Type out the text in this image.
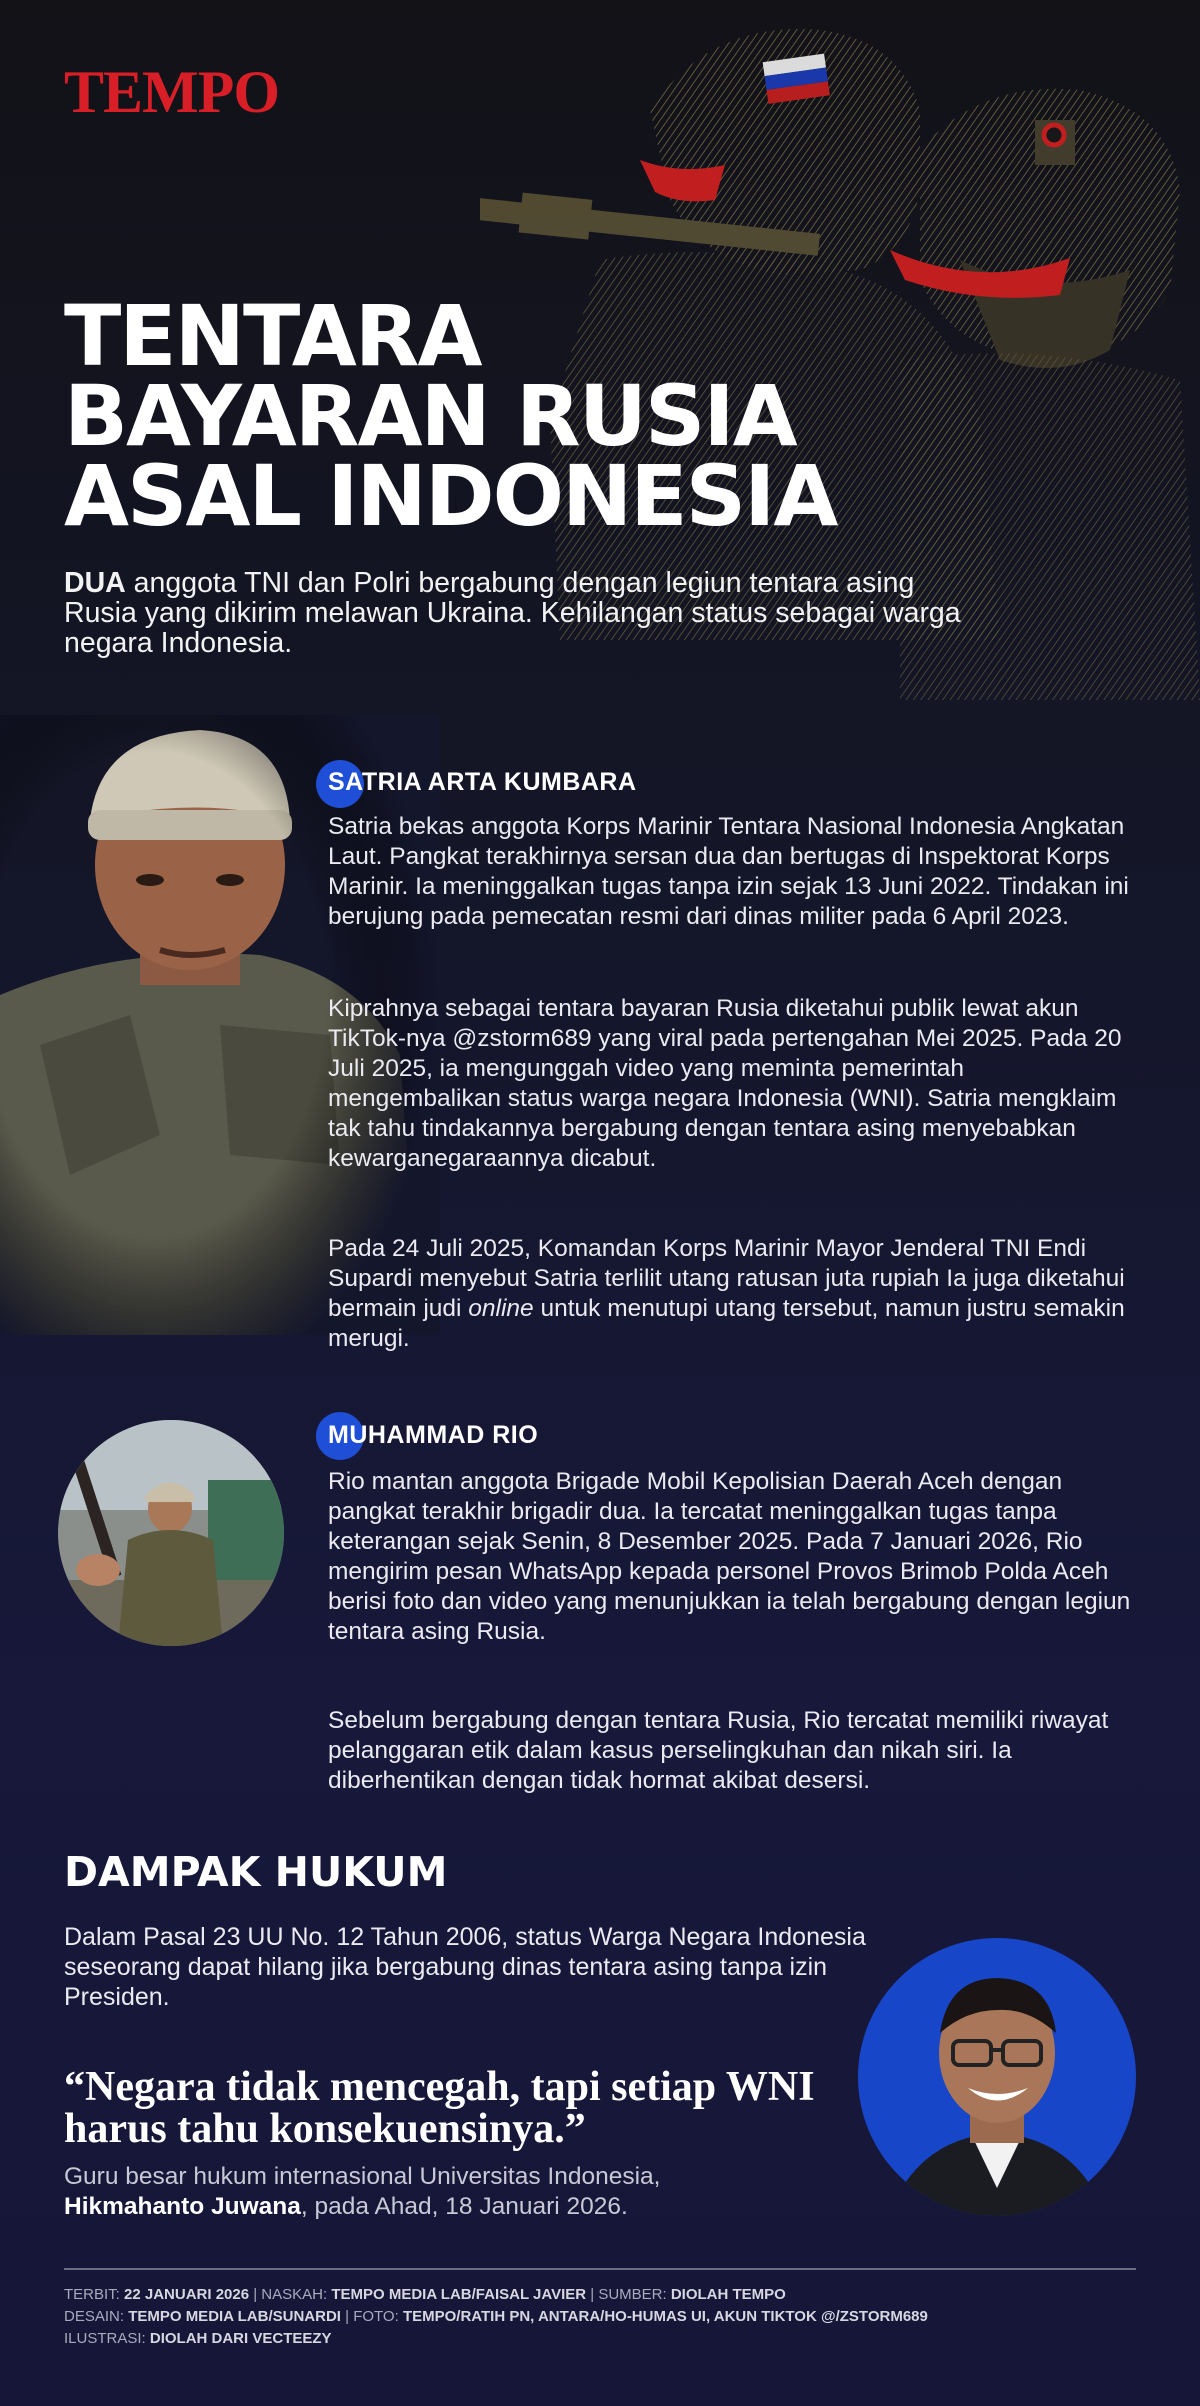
TEMPO
TENTARA
BAYARAN RUSIA
ASAL INDONESIA

DUA anggota TNI dan Polri bergabung dengan legiun tentara asing Rusia yang dikirim melawan Ukraina. Kehilangan status sebagai warga negara Indonesia.

SATRIA ARTA KUMBARA

Satria bekas anggota Korps Marinir Tentara Nasional Indonesia Angkatan Laut. Pangkat terakhirnya sersan dua dan bertugas di Inspektorat Korps Marinir. Ia meninggalkan tugas tanpa izin sejak 13 Juni 2022. Tindakan ini berujung pada pemecatan resmi dari dinas militer pada 6 April 2023.

Kiprahnya sebagai tentara bayaran Rusia diketahui publik lewat akun TikTok-nya @zstorm689 yang viral pada pertengahan Mei 2025. Pada 20 Juli 2025, ia mengunggah video yang meminta pemerintah mengembalikan status warga negara Indonesia (WNI). Satria mengklaim tak tahu tindakannya bergabung dengan tentara asing menyebabkan kewarganegaraannya dicabut.

Pada 24 Juli 2025, Komandan Korps Marinir Mayor Jenderal TNI Endi Supardi menyebut Satria terlilit utang ratusan juta rupiah Ia juga diketahui bermain judi online untuk menutupi utang tersebut, namun justru semakin merugi.

MUHAMMAD RIO

Rio mantan anggota Brigade Mobil Kepolisian Daerah Aceh dengan pangkat terakhir brigadir dua. Ia tercatat meninggalkan tugas tanpa keterangan sejak Senin, 8 Desember 2025. Pada 7 Januari 2026, Rio mengirim pesan WhatsApp kepada personel Provos Brimob Polda Aceh berisi foto dan video yang menunjukkan ia telah bergabung dengan legiun tentara asing Rusia.

Sebelum bergabung dengan tentara Rusia, Rio tercatat memiliki riwayat pelanggaran etik dalam kasus perselingkuhan dan nikah siri. Ia diberhentikan dengan tidak hormat akibat desersi.

DAMPAK HUKUM

Dalam Pasal 23 UU No. 12 Tahun 2006, status Warga Negara Indonesia seseorang dapat hilang jika bergabung dinas tentara asing tanpa izin Presiden.

“Negara tidak mencegah, tapi setiap WNI harus tahu konsekuensinya.”

Guru besar hukum internasional Universitas Indonesia,
Hikmahanto Juwana, pada Ahad, 18 Januari 2026.

TERBIT: 22 JANUARI 2026 | NASKAH: TEMPO MEDIA LAB/FAISAL JAVIER | SUMBER: DIOLAH TEMPO
DESAIN: TEMPO MEDIA LAB/SUNARDI | FOTO: TEMPO/RATIH PN, ANTARA/HO-HUMAS UI, AKUN TIKTOK @/ZSTORM689
ILUSTRASI: DIOLAH DARI VECTEEZY
